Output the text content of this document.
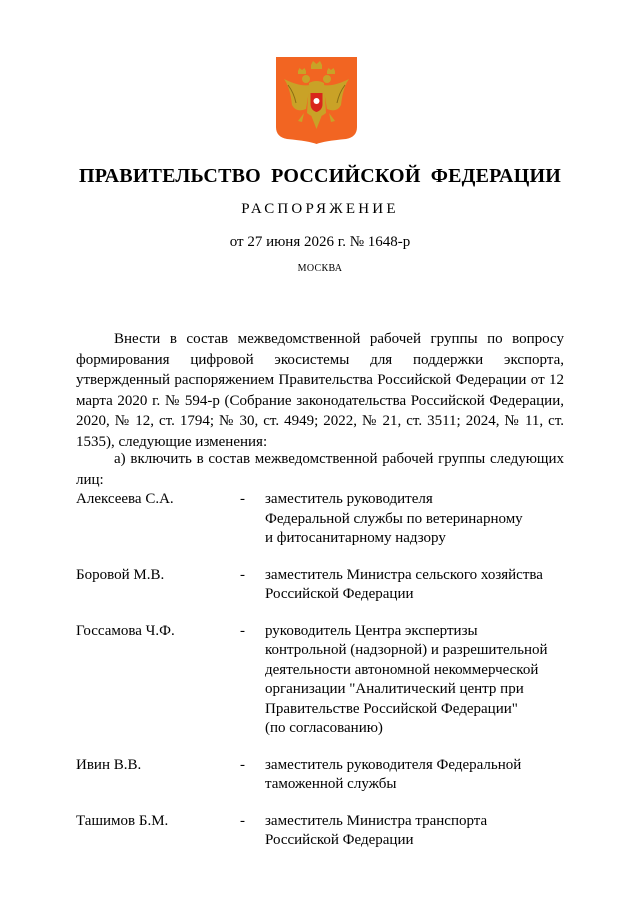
ПРАВИТЕЛЬСТВО РОССИЙСКОЙ ФЕДЕРАЦИИ
РАСПОРЯЖЕНИЕ
от 27 июня 2026 г. № 1648-р
МОСКВА

Внести в состав межведомственной рабочей группы по вопросу формирования цифровой экосистемы для поддержки экспорта, утвержденный распоряжением Правительства Российской Федерации от 12 марта 2020 г. № 594-р (Собрание законодательства Российской Федерации, 2020, № 12, ст. 1794; № 30, ст. 4949; 2022, № 21, ст. 3511; 2024, № 11, ст. 1535), следующие изменения:

а) включить в состав межведомственной рабочей группы следующих лиц:

Алексеева С.А.	-	заместитель руководителя
Федеральной службы по ветеринарному
и фитосанитарному надзору
Боровой М.В.	-	заместитель Министра сельского хозяйства
Российской Федерации
Госсамова Ч.Ф.	-	руководитель Центра экспертизы
контрольной (надзорной) и разрешительной
деятельности автономной некоммерческой
организации "Аналитический центр при
Правительстве Российской Федерации"
(по согласованию)
Ивин В.В.	-	заместитель руководителя Федеральной
таможенной службы
Ташимов Б.М.	-	заместитель Министра транспорта
Российской Федерации
